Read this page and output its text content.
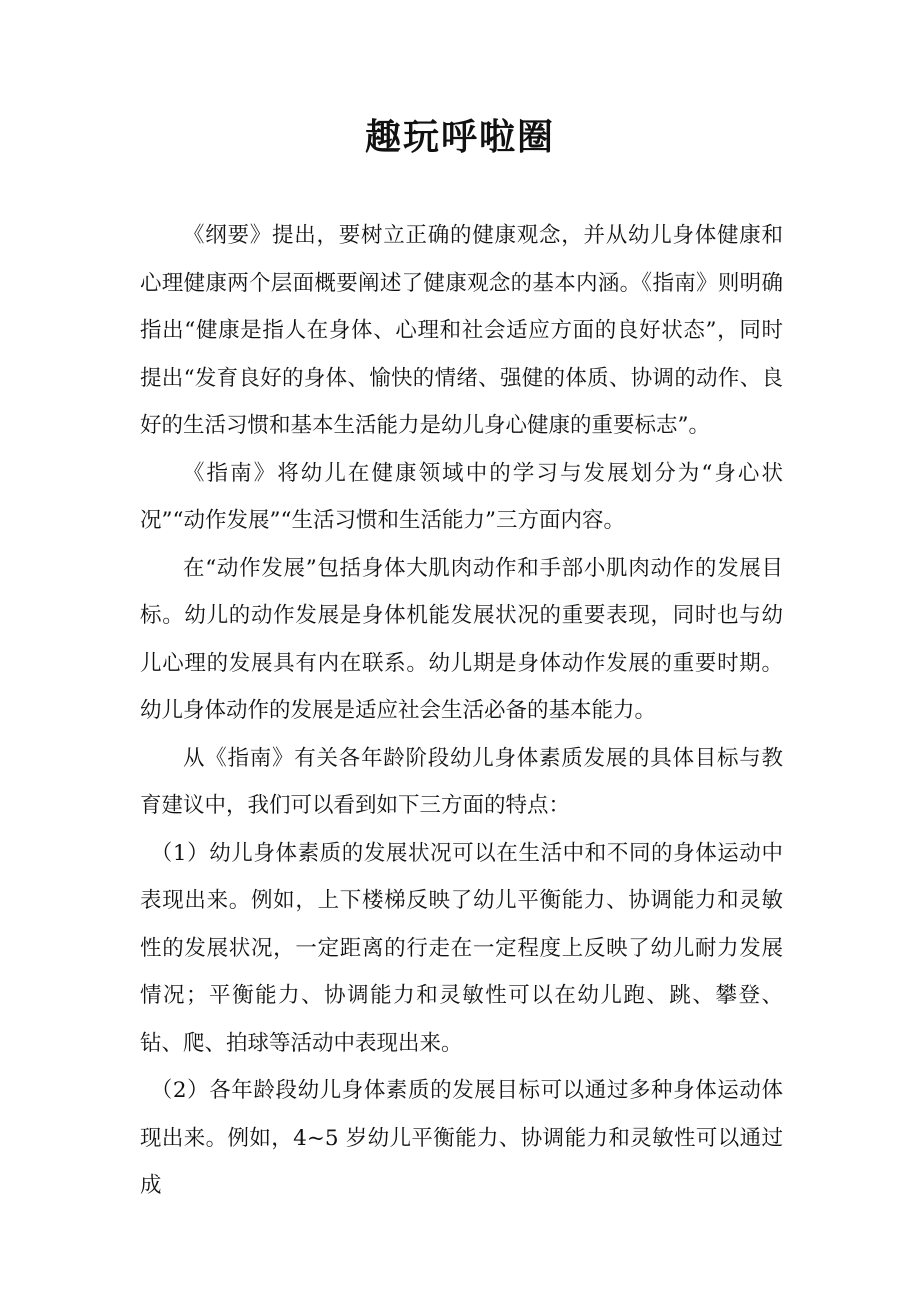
趣玩呼啦圈

《纲要》提出，要树立正确的健康观念，并从幼儿身体健康和心理健康两个层面概要阐述了健康观念的基本内涵。《指南》则明确指出“健康是指人在身体、心理和社会适应方面的良好状态”，同时提出“发育良好的身体、愉快的情绪、强健的体质、协调的动作、良好的生活习惯和基本生活能力是幼儿身心健康的重要标志”。

《指南》将幼儿在健康领域中的学习与发展划分为“身心状况”“动作发展”“生活习惯和生活能力”三方面内容。

在“动作发展”包括身体大肌肉动作和手部小肌肉动作的发展目标。幼儿的动作发展是身体机能发展状况的重要表现，同时也与幼儿心理的发展具有内在联系。幼儿期是身体动作发展的重要时期。幼儿身体动作的发展是适应社会生活必备的基本能力。

从《指南》有关各年龄阶段幼儿身体素质发展的具体目标与教育建议中，我们可以看到如下三方面的特点：

（1）幼儿身体素质的发展状况可以在生活中和不同的身体运动中表现出来。例如，上下楼梯反映了幼儿平衡能力、协调能力和灵敏性的发展状况，一定距离的行走在一定程度上反映了幼儿耐力发展情况；平衡能力、协调能力和灵敏性可以在幼儿跑、跳、攀登、钻、爬、拍球等活动中表现出来。

（2）各年龄段幼儿身体素质的发展目标可以通过多种身体运动体现出来。例如，4~5 岁幼儿平衡能力、协调能力和灵敏性可以通过成
